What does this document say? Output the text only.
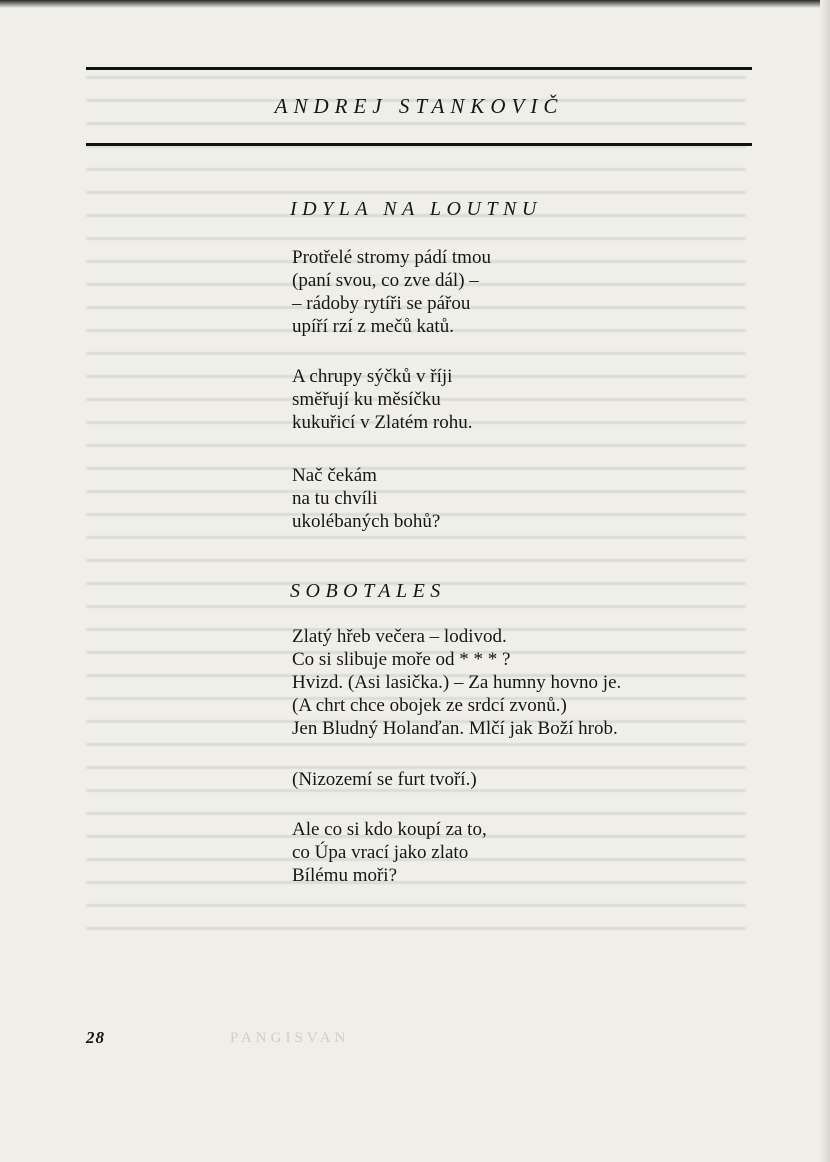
ANDREJ STANKOVIČ
IDYLA NA LOUTNU
Protřelé stromy pádí tmou
(paní svou, co zve dál) –
– rádoby rytíři se pářou
upíří rzí z mečů katů.
A chrupy sýčků v říji
směřují ku měsíčku
kukuřicí v Zlatém rohu.
Nač čekám
na tu chvíli
ukolébaných bohů?
SOBOTALES
Zlatý hřeb večera – lodivod.
Co si slibuje moře od * * * ?
Hvizd. (Asi lasička.) – Za humny hovno je.
(A chrt chce obojek ze srdcí zvonů.)
Jen Bludný Holanďan. Mlčí jak Boží hrob.
(Nizozemí se furt tvoří.)
Ale co si kdo koupí za to,
co Úpa vrací jako zlato
Bílému moři?
28	PANGISVAN
